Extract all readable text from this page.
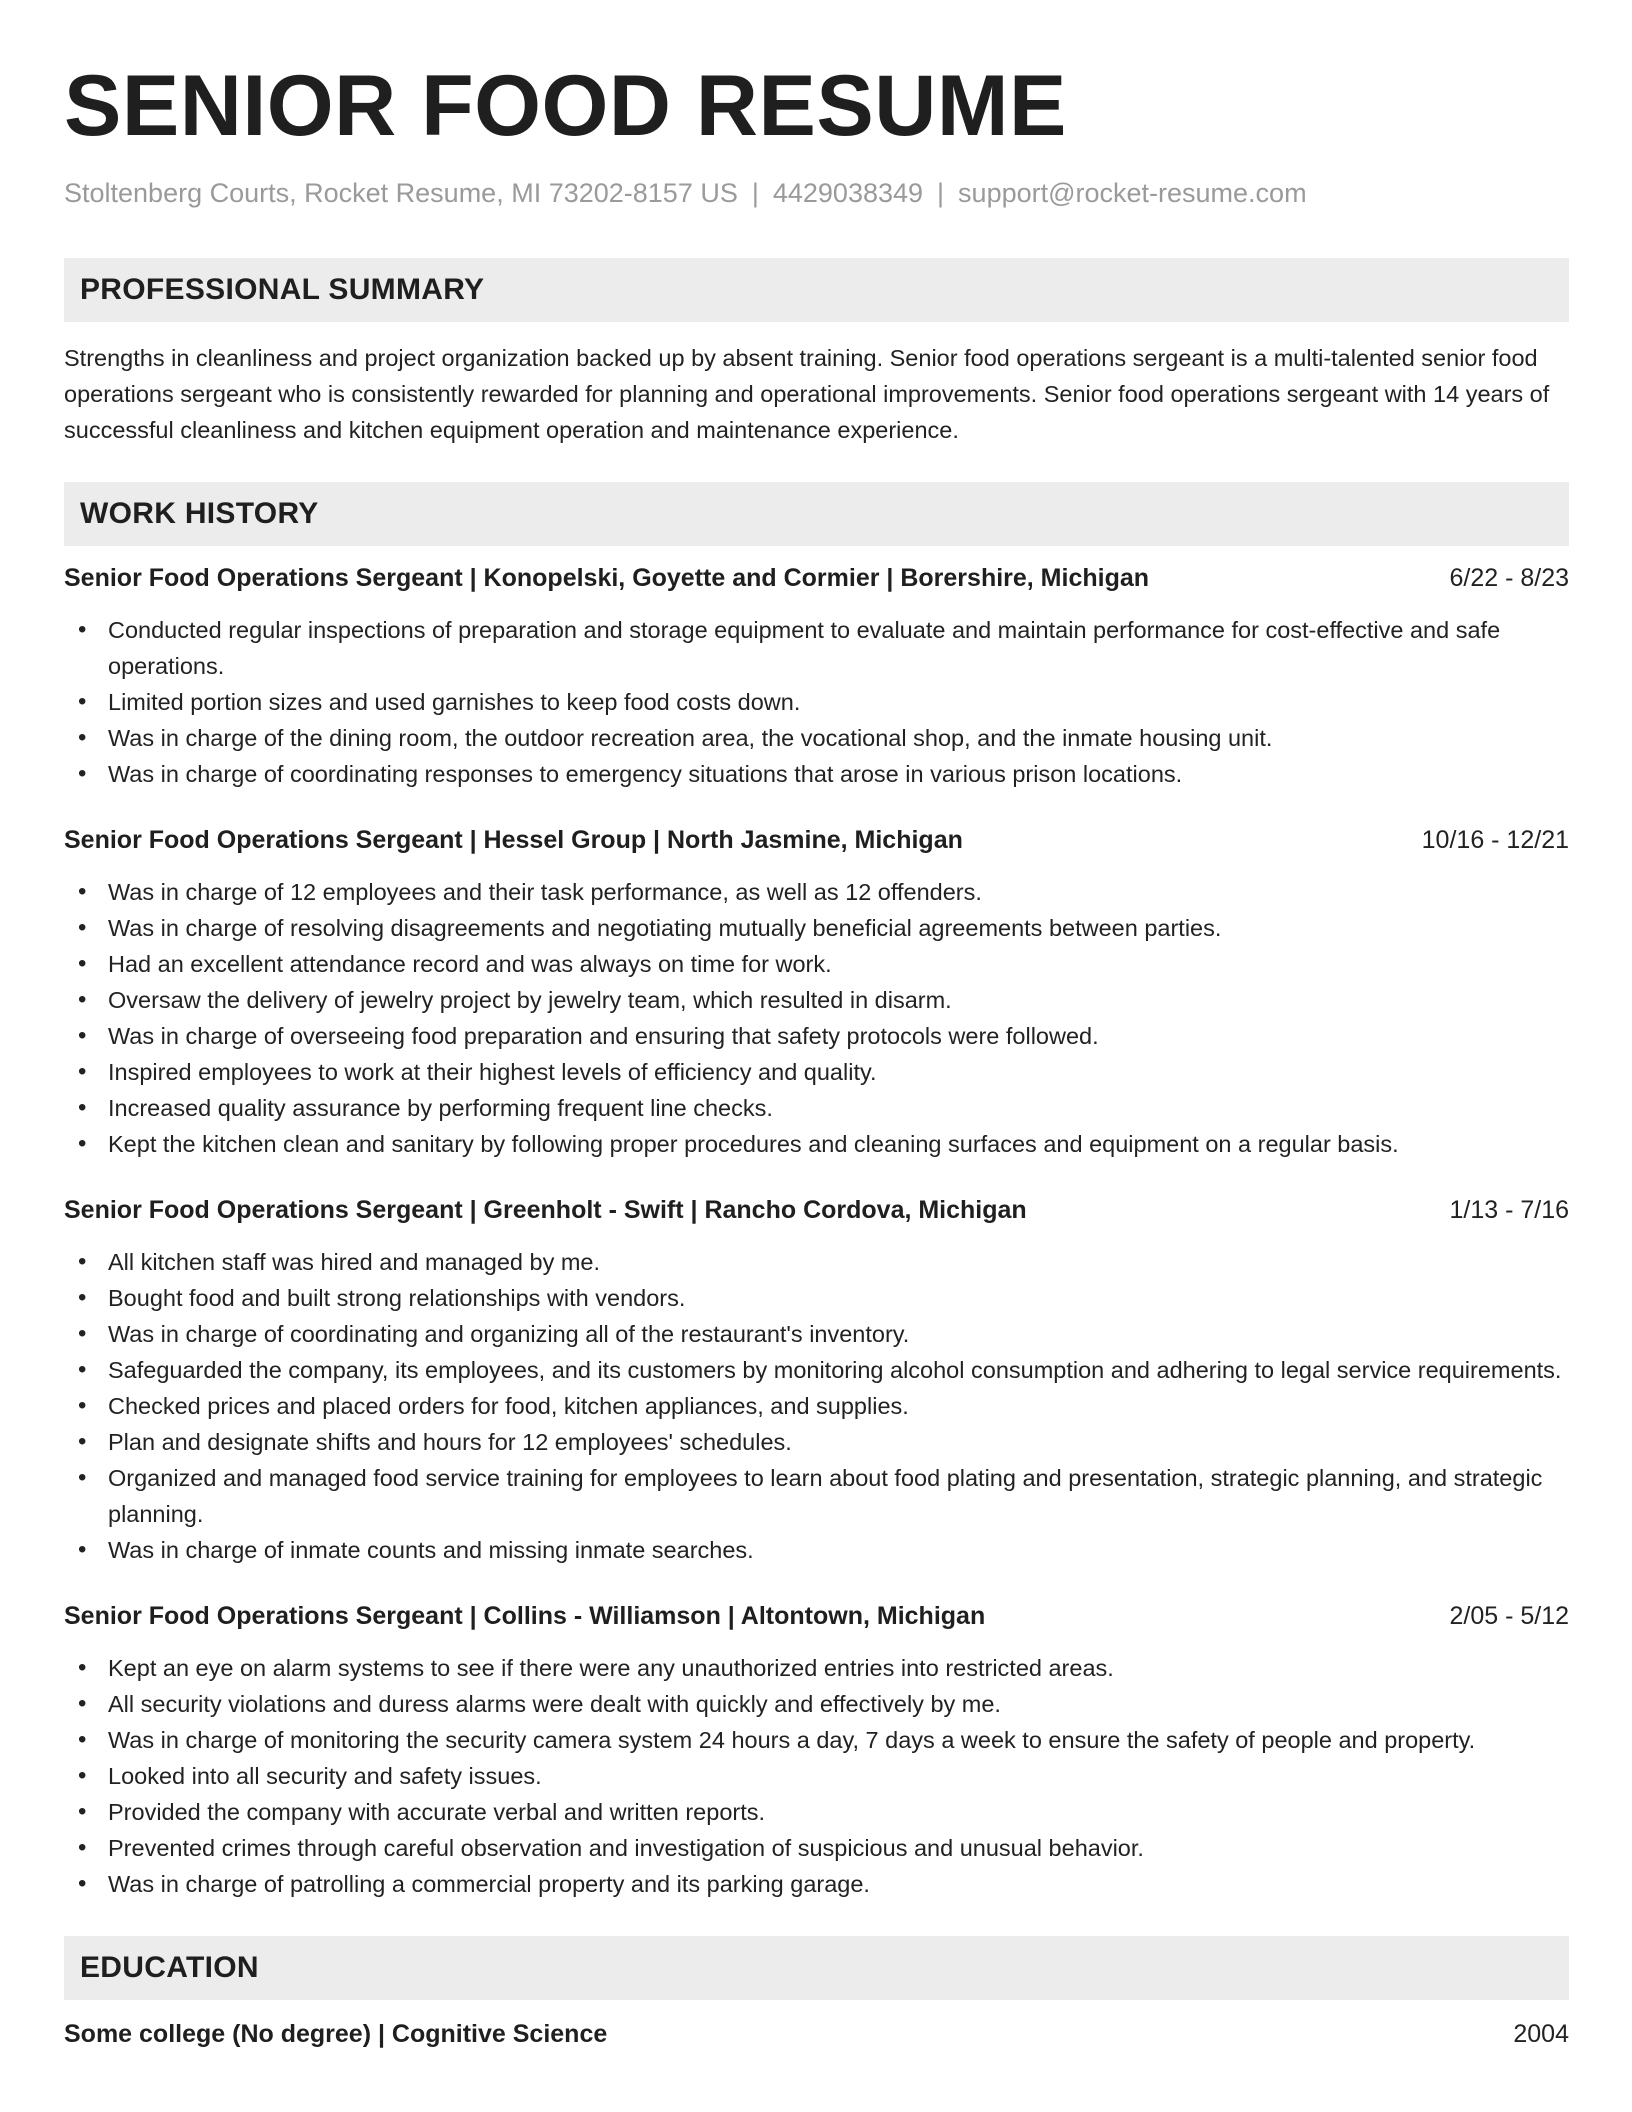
SENIOR FOOD RESUME
Stoltenberg Courts, Rocket Resume, MI 73202-8157 US | 4429038349 | support@rocket-resume.com
PROFESSIONAL SUMMARY

Strengths in cleanliness and project organization backed up by absent training. Senior food operations sergeant is a multi-talented senior food operations sergeant who is consistently rewarded for planning and operational improvements. Senior food operations sergeant with 14 years of successful cleanliness and kitchen equipment operation and maintenance experience.

WORK HISTORY
Senior Food Operations Sergeant | Konopelski, Goyette and Cormier | Borershire, Michigan	6/22 - 8/23
• Conducted regular inspections of preparation and storage equipment to evaluate and maintain performance for cost-effective and safe operations.
• Limited portion sizes and used garnishes to keep food costs down.
• Was in charge of the dining room, the outdoor recreation area, the vocational shop, and the inmate housing unit.
• Was in charge of coordinating responses to emergency situations that arose in various prison locations.
Senior Food Operations Sergeant | Hessel Group | North Jasmine, Michigan	10/16 - 12/21
• Was in charge of 12 employees and their task performance, as well as 12 offenders.
• Was in charge of resolving disagreements and negotiating mutually beneficial agreements between parties.
• Had an excellent attendance record and was always on time for work.
• Oversaw the delivery of jewelry project by jewelry team, which resulted in disarm.
• Was in charge of overseeing food preparation and ensuring that safety protocols were followed.
• Inspired employees to work at their highest levels of efficiency and quality.
• Increased quality assurance by performing frequent line checks.
• Kept the kitchen clean and sanitary by following proper procedures and cleaning surfaces and equipment on a regular basis.
Senior Food Operations Sergeant | Greenholt - Swift | Rancho Cordova, Michigan	1/13 - 7/16
• All kitchen staff was hired and managed by me.
• Bought food and built strong relationships with vendors.
• Was in charge of coordinating and organizing all of the restaurant's inventory.
• Safeguarded the company, its employees, and its customers by monitoring alcohol consumption and adhering to legal service requirements.
• Checked prices and placed orders for food, kitchen appliances, and supplies.
• Plan and designate shifts and hours for 12 employees' schedules.
• Organized and managed food service training for employees to learn about food plating and presentation, strategic planning, and strategic planning.
• Was in charge of inmate counts and missing inmate searches.
Senior Food Operations Sergeant | Collins - Williamson | Altontown, Michigan	2/05 - 5/12
• Kept an eye on alarm systems to see if there were any unauthorized entries into restricted areas.
• All security violations and duress alarms were dealt with quickly and effectively by me.
• Was in charge of monitoring the security camera system 24 hours a day, 7 days a week to ensure the safety of people and property.
• Looked into all security and safety issues.
• Provided the company with accurate verbal and written reports.
• Prevented crimes through careful observation and investigation of suspicious and unusual behavior.
• Was in charge of patrolling a commercial property and its parking garage.
EDUCATION
Some college (No degree) | Cognitive Science	2004
